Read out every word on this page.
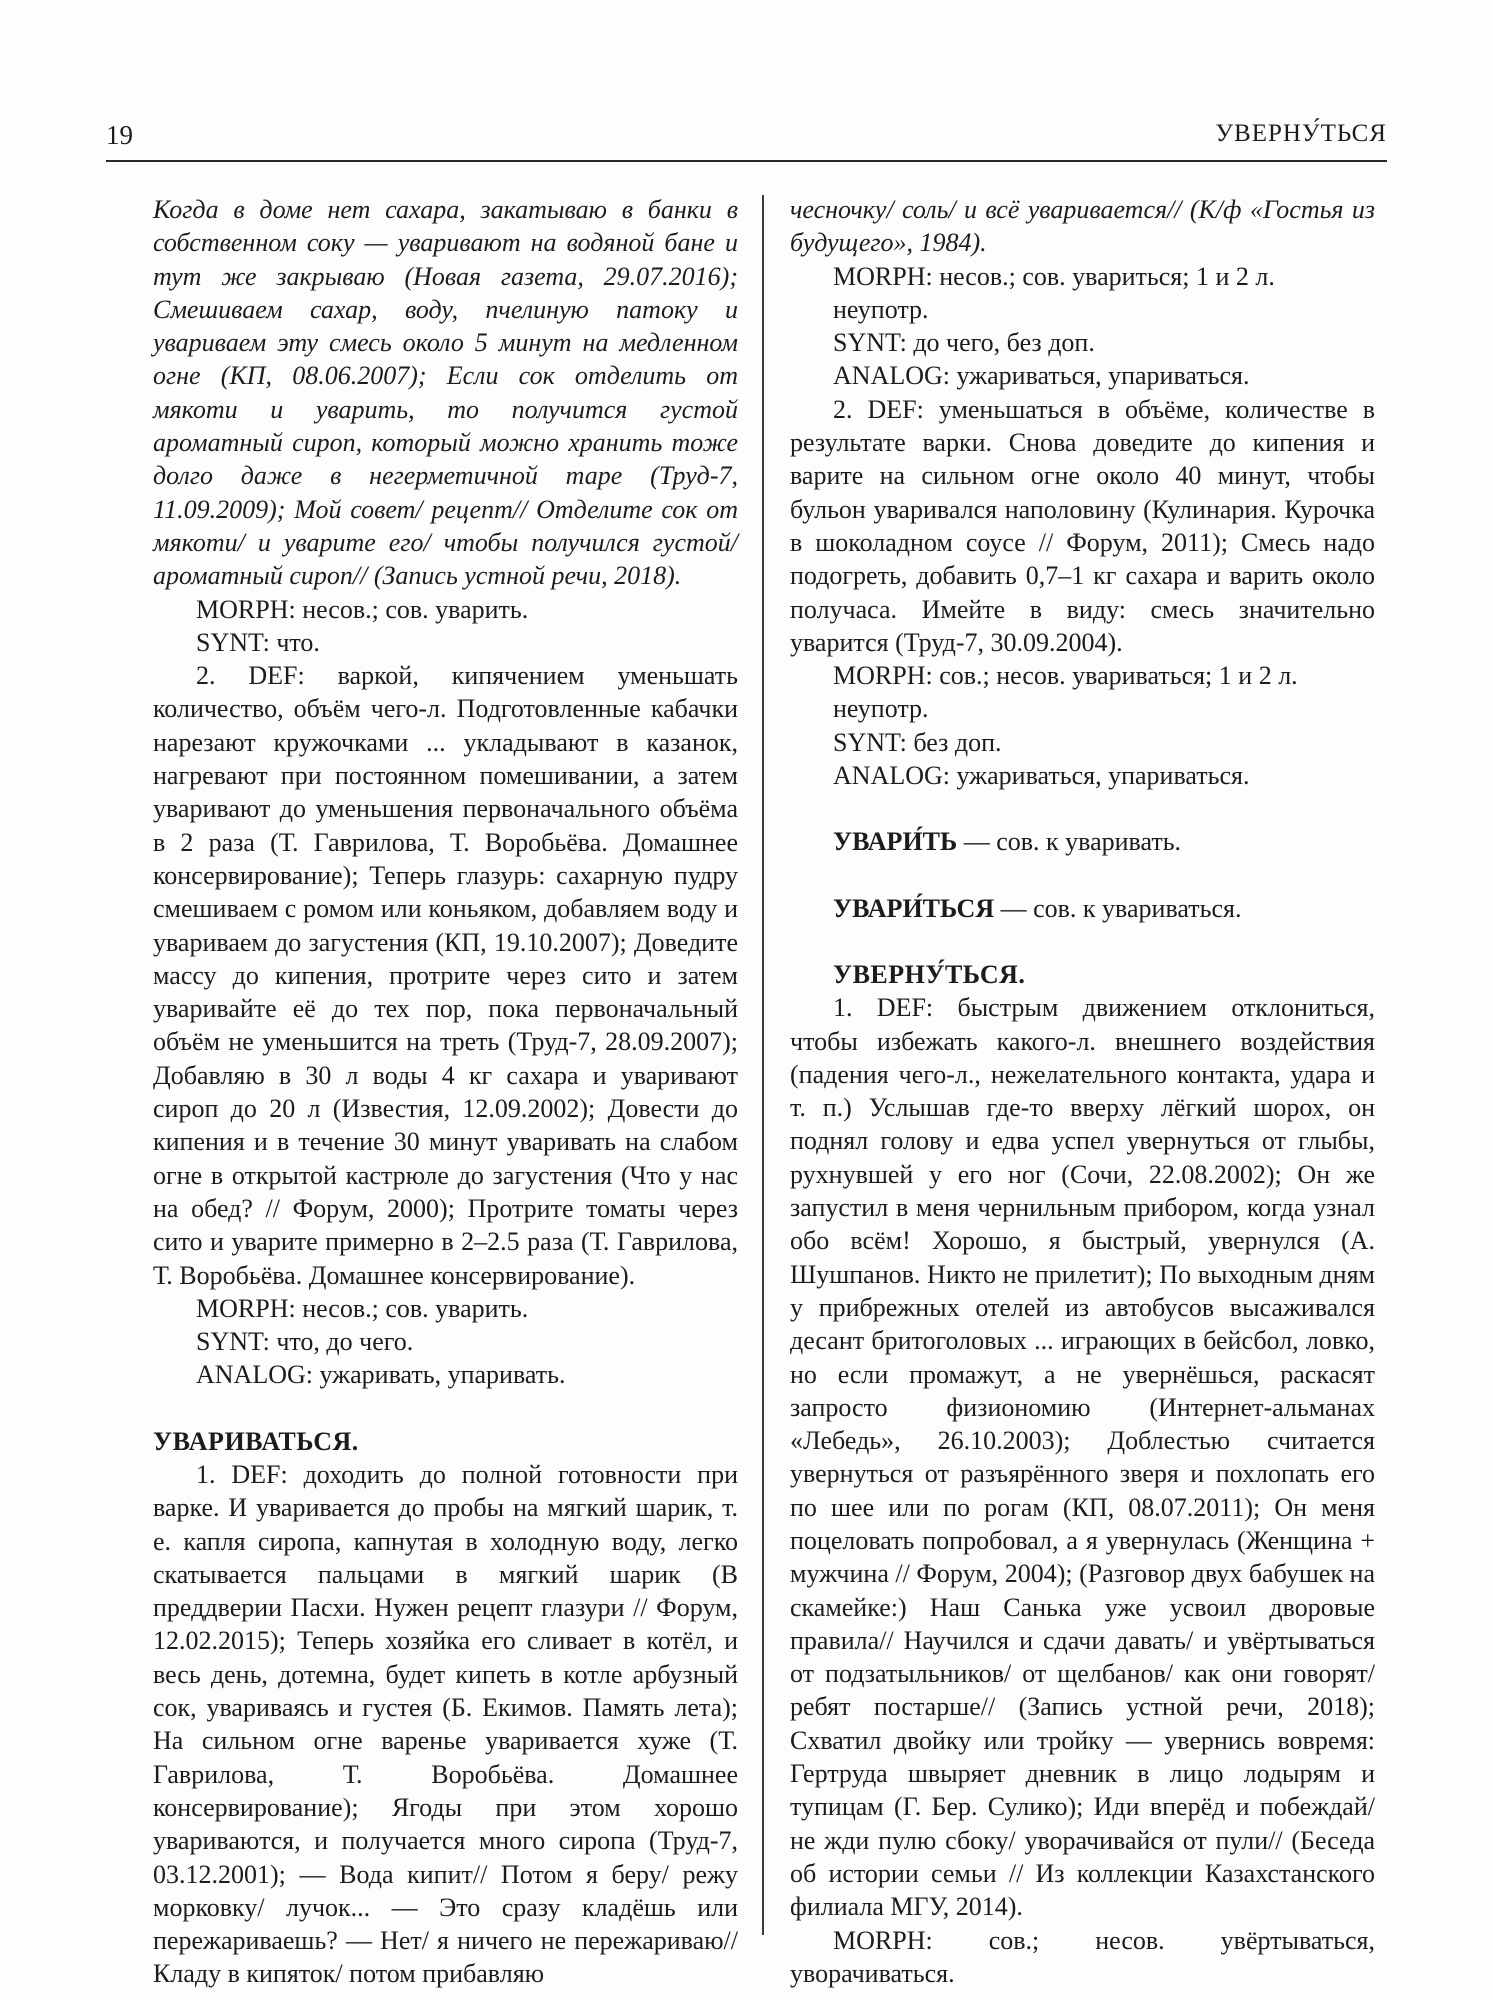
19	УВЕРНУ́ТЬСЯ

Когда в доме нет сахара, закатываю в банки в собственном соку — уваривают на водяной бане и тут же закрываю (Новая газета, 29.07.2016); Смешиваем сахар, воду, пчелиную патоку и увариваем эту смесь около 5 минут на медленном огне (КП, 08.06.2007); Если сок отделить от мякоти и уварить, то получится густой ароматный сироп, который можно хранить тоже долго даже в негерметичной таре (Труд-7, 11.09.2009); Мой совет/ рецепт// Отделите сок от мякоти/ и уварите его/ чтобы получился густой/ ароматный сироп// (Запись устной речи, 2018).

MORPH: несов.; сов. уварить.

SYNT: что.

2. DEF: варкой, кипячением уменьшать количество, объём чего-л. Подготовленные кабачки нарезают кружочками ... укладывают в казанок, нагревают при постоянном помешивании, а затем уваривают до уменьшения первоначального объёма в 2 раза (Т. Гаврилова, Т. Воробьёва. Домашнее консервирование); Теперь глазурь: сахарную пудру смешиваем с ромом или коньяком, добавляем воду и увариваем до загустения (КП, 19.10.2007); Доведите массу до кипения, протрите через сито и затем уваривайте её до тех пор, пока первоначальный объём не уменьшится на треть (Труд-7, 28.09.2007); Добавляю в 30 л воды 4 кг сахара и уваривают сироп до 20 л (Известия, 12.09.2002); Довести до кипения и в течение 30 минут уваривать на слабом огне в открытой кастрюле до загустения (Что у нас на обед? // Форум, 2000); Протрите томаты через сито и уварите примерно в 2–2.5 раза (Т. Гаврилова, Т. Воробьёва. Домашнее консервирование).

MORPH: несов.; сов. уварить.

SYNT: что, до чего.

ANALOG: ужаривать, упаривать.

УВАРИВАТЬСЯ.

1. DEF: доходить до полной готовности при варке. И уваривается до пробы на мягкий шарик, т. е. капля сиропа, капнутая в холодную воду, легко скатывается пальцами в мягкий шарик (В преддверии Пасхи. Нужен рецепт глазури // Форум, 12.02.2015); Теперь хозяйка его сливает в котёл, и весь день, дотемна, будет кипеть в котле арбузный сок, увариваясь и густея (Б. Екимов. Память лета); На сильном огне варенье уваривается хуже (Т. Гаврилова, Т. Воробьёва. Домашнее консервирование); Ягоды при этом хорошо увариваются, и получается много сиропа (Труд-7, 03.12.2001); — Вода кипит// Потом я беру/ режу морковку/ лучок... — Это сразу кладёшь или пережариваешь? — Нет/ я ничего не пережариваю// Кладу в кипяток/ потом прибавляю

чесночку/ соль/ и всё уваривается// (К/ф «Гостья из будущего», 1984).

MORPH: несов.; сов. увариться; 1 и 2 л. неупотр.

SYNT: до чего, без доп.

ANALOG: ужариваться, упариваться.

2. DEF: уменьшаться в объёме, количестве в результате варки. Снова доведите до кипения и варите на сильном огне около 40 минут, чтобы бульон уваривался наполовину (Кулинария. Курочка в шоколадном соусе // Форум, 2011); Смесь надо подогреть, добавить 0,7–1 кг сахара и варить около получаса. Имейте в виду: смесь значительно уварится (Труд-7, 30.09.2004).

MORPH: сов.; несов. увариваться; 1 и 2 л. неупотр.

SYNT: без доп.

ANALOG: ужариваться, упариваться.

УВАРИ́ТЬ — сов. к уваривать.

УВАРИ́ТЬСЯ — сов. к увариваться.

УВЕРНУ́ТЬСЯ.

1. DEF: быстрым движением отклониться, чтобы избежать какого-л. внешнего воздействия (падения чего-л., нежелательного контакта, удара и т. п.) Услышав где-то вверху лёгкий шорох, он поднял голову и едва успел увернуться от глыбы, рухнувшей у его ног (Сочи, 22.08.2002); Он же запустил в меня чернильным прибором, когда узнал обо всём! Хорошо, я быстрый, увернулся (А. Шушпанов. Никто не прилетит); По выходным дням у прибрежных отелей из автобусов высаживался десант бритоголовых ... играющих в бейсбол, ловко, но если промажут, а не увернёшься, раскасят запросто физиономию (Интернет-альманах «Лебедь», 26.10.2003); Доблестью считается увернуться от разъярённого зверя и похлопать его по шее или по рогам (КП, 08.07.2011); Он меня поцеловать попробовал, а я увернулась (Женщина + мужчина // Форум, 2004); (Разговор двух бабушек на скамейке:) Наш Санька уже усвоил дворовые правила// Научился и сдачи давать/ и увёртываться от подзатыльников/ от щелбанов/ как они говорят/ ребят постарше// (Запись устной речи, 2018); Схватил двойку или тройку — увернись вовремя: Гертруда швыряет дневник в лицо лодырям и тупицам (Г. Бер. Сулико); Иди вперёд и побеждай/ не жди пулю сбоку/ уворачивайся от пули// (Беседа об истории семьи // Из коллекции Казахстанского филиала МГУ, 2014).

MORPH: сов.; несов. увёртываться, уворачиваться.
